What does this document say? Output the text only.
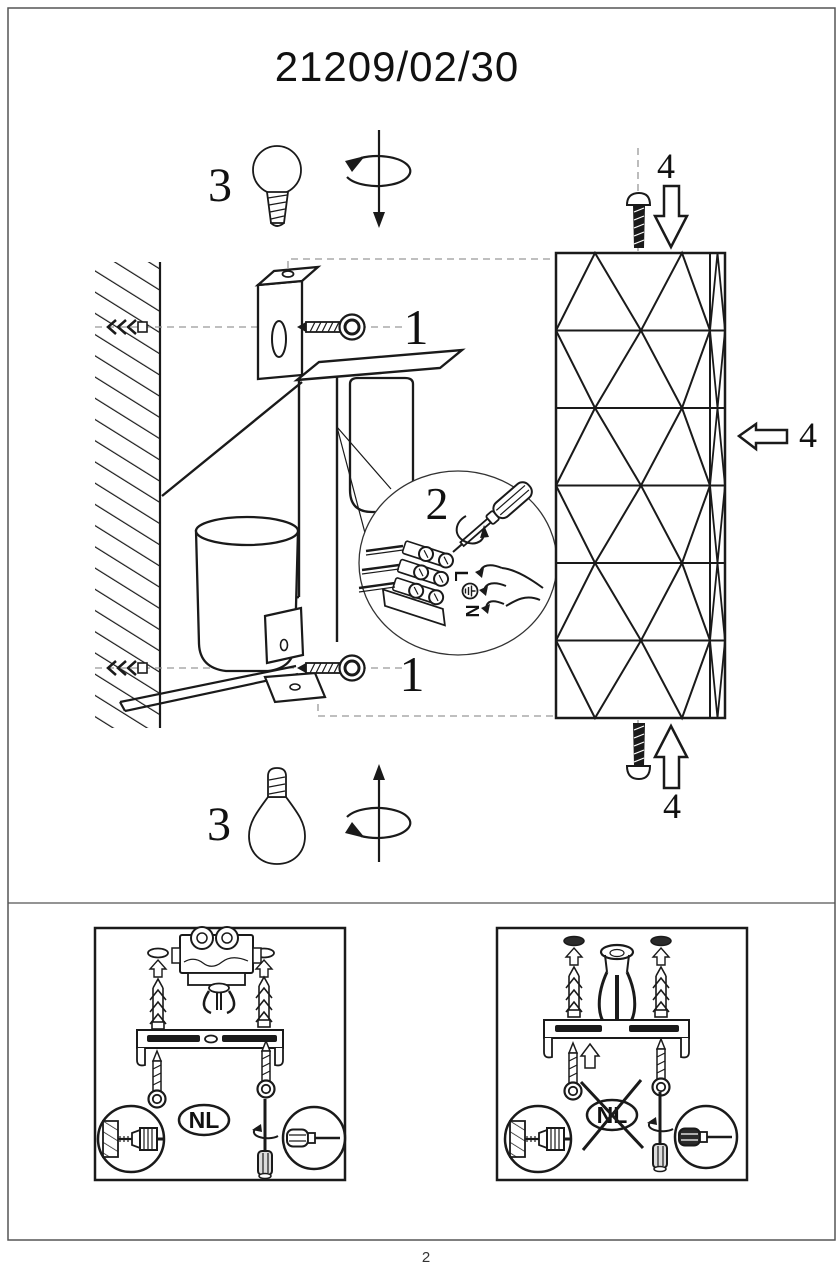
21209/02/30
1
1
2
L
N
4
4
4
3
3
NL	NL
2
